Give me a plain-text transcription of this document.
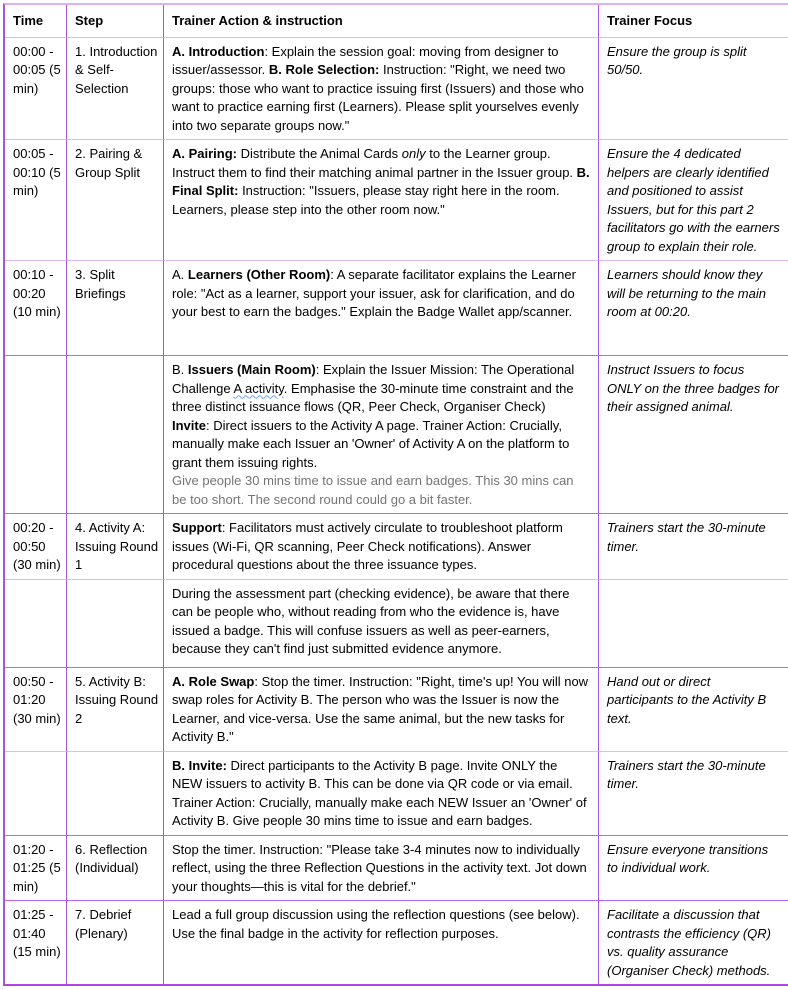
Time	Step	Trainer Action & instruction	Trainer Focus
00:00 - 00:05 (5 min)	1. Introduction & Self-Selection	A. Introduction: Explain the session goal: moving from designer to issuer/assessor. B. Role Selection: Instruction: "Right, we need two groups: those who want to practice issuing first (Issuers) and those who want to practice earning first (Learners). Please split yourselves evenly into two separate groups now."	Ensure the group is split 50/50.
00:05 - 00:10 (5 min)	2. Pairing & Group Split	A. Pairing: Distribute the Animal Cards only to the Learner group. Instruct them to find their matching animal partner in the Issuer group. B. Final Split: Instruction: "Issuers, please stay right here in the room. Learners, please step into the other room now."	Ensure the 4 dedicated helpers are clearly identified and positioned to assist Issuers, but for this part 2 facilitators go with the earners group to explain their role.
00:10 - 00:20 (10 min)	3. Split Briefings	A. Learners (Other Room): A separate facilitator explains the Learner role: "Act as a learner, support your issuer, ask for clarification, and do your best to earn the badges." Explain the Badge Wallet app/scanner.	Learners should know they will be returning to the main room at 00:20.

		B. Issuers (Main Room): Explain the Issuer Mission: The Operational Challenge A activity. Emphasise the 30-minute time constraint and the three distinct issuance flows (QR, Peer Check, Organiser Check)
Invite: Direct issuers to the Activity A page. Trainer Action: Crucially, manually make each Issuer an 'Owner' of Activity A on the platform to grant them issuing rights.
Give people 30 mins time to issue and earn badges. This 30 mins can be too short. The second round could go a bit faster.	Instruct Issuers to focus ONLY on the three badges for their assigned animal.
00:20 - 00:50 (30 min)	4. Activity A: Issuing Round 1	Support: Facilitators must actively circulate to troubleshoot platform issues (Wi-Fi, QR scanning, Peer Check notifications). Answer procedural questions about the three issuance types.	Trainers start the 30-minute timer.

		During the assessment part (checking evidence), be aware that there can be people who, without reading from who the evidence is, have issued a badge. This will confuse issuers as well as peer-earners, because they can't find just submitted evidence anymore.	

00:50 - 01:20 (30 min)	5. Activity B: Issuing Round 2	A. Role Swap: Stop the timer. Instruction: "Right, time's up! You will now swap roles for Activity B. The person who was the Issuer is now the Learner, and vice-versa. Use the same animal, but the new tasks for Activity B."	Hand out or direct participants to the Activity B text.

		B. Invite: Direct participants to the Activity B page. Invite ONLY the NEW issuers to activity B. This can be done via QR code or via email. Trainer Action: Crucially, manually make each NEW Issuer an 'Owner' of Activity B. Give people 30 mins time to issue and earn badges.	Trainers start the 30-minute timer.
01:20 - 01:25 (5 min)	6. Reflection (Individual)	Stop the timer. Instruction: "Please take 3-4 minutes now to individually reflect, using the three Reflection Questions in the activity text. Jot down your thoughts—this is vital for the debrief."	Ensure everyone transitions to individual work.
01:25 - 01:40 (15 min)	7. Debrief (Plenary)	Lead a full group discussion using the reflection questions (see below). Use the final badge in the activity for reflection purposes.	Facilitate a discussion that contrasts the efficiency (QR) vs. quality assurance (Organiser Check) methods.
